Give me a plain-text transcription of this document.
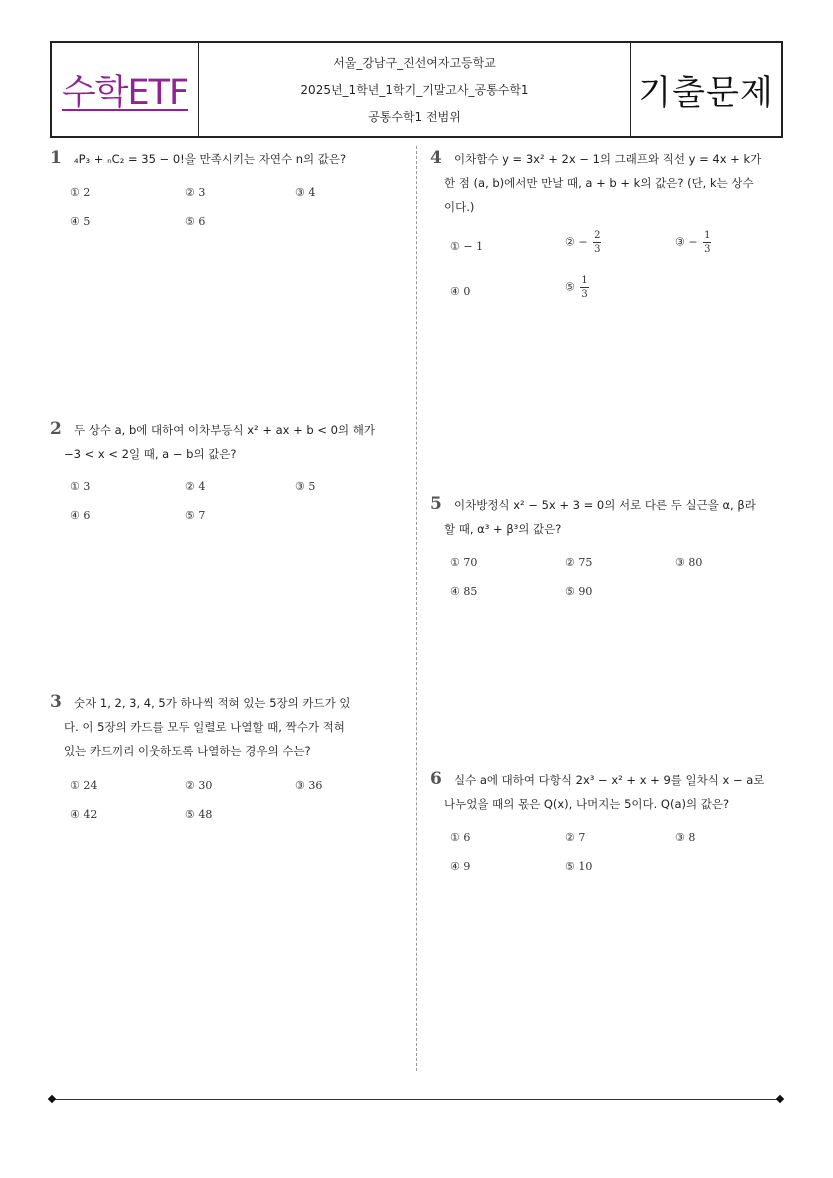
수학ETF
서울_강남구_진선여자고등학교
2025년_1학년_1학기_기말고사_공통수학1
공통수학1 전범위
기출문제
1 ₄P₃ + ₙC₂ = 35 − 0!을 만족시키는 자연수 n의 값은?
① 2	② 3	③ 4
④ 5	⑤ 6
2 두 상수 a, b에 대하여 이차부등식 x² + ax + b < 0의 해가
−3 < x < 2일 때, a − b의 값은?
① 3	② 4	③ 5
④ 6	⑤ 7
3 숫자 1, 2, 3, 4, 5가 하나씩 적혀 있는 5장의 카드가 있
다. 이 5장의 카드를 모두 일렬로 나열할 때, 짝수가 적혀
있는 카드끼리 이웃하도록 나열하는 경우의 수는?
① 24	② 30	③ 36
④ 42	⑤ 48
4 이차함수 y = 3x² + 2x − 1의 그래프와 직선 y = 4x + k가
한 점 (a, b)에서만 만날 때, a + b + k의 값은? (단, k는 상수
이다.)
① − 1	② − $\frac{2}{3}$	③ − $\frac{1}{3}$
④ 0	⑤ $\frac{1}{3}$
5 이차방정식 x² − 5x + 3 = 0의 서로 다른 두 실근을 α, β라
할 때, α³ + β³의 값은?
① 70	② 75	③ 80
④ 85	⑤ 90
6 실수 a에 대하여 다항식 2x³ − x² + x + 9를 일차식 x − a로
나누었을 때의 몫은 Q(x), 나머지는 5이다. Q(a)의 값은?
① 6	② 7	③ 8
④ 9	⑤ 10
